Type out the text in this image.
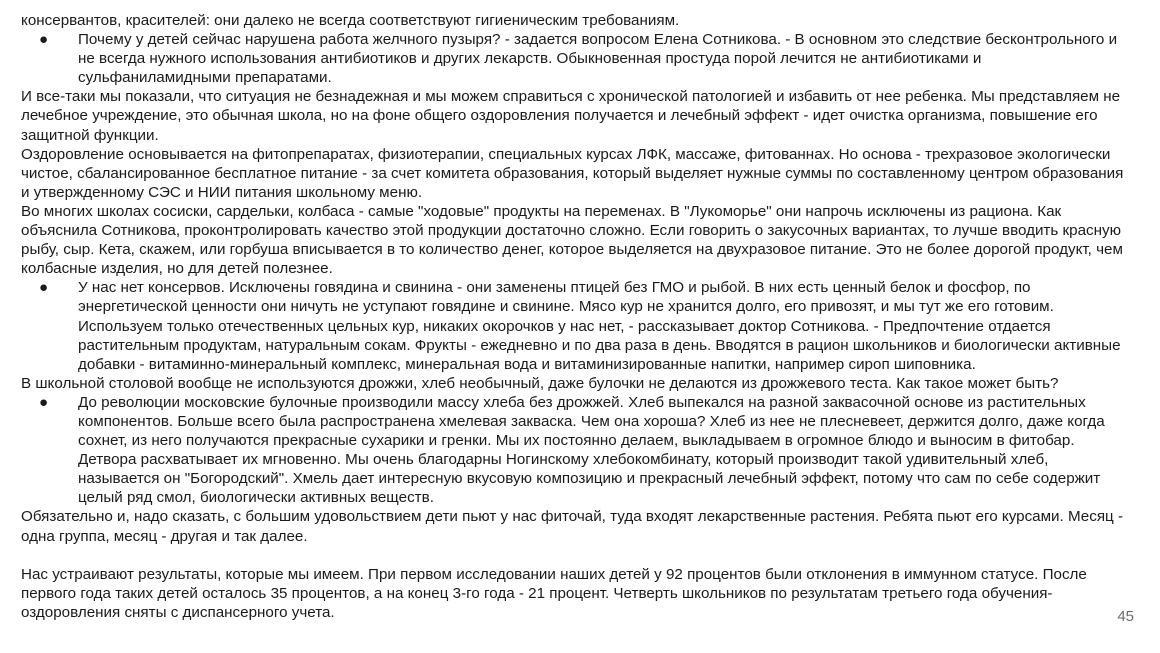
консервантов, красителей: они далеко не всегда соответствуют гигиеническим требованиям.

● Почему у детей сейчас нарушена работа желчного пузыря? - задается вопросом Елена Сотникова. - В основном это следствие бесконтрольного и не всегда нужного использования антибиотиков и других лекарств. Обыкновенная простуда порой лечится не антибиотиками и сульфаниламидными препаратами.

И все-таки мы показали, что ситуация не безнадежная и мы можем справиться с хронической патологией и избавить от нее ребенка. Мы представляем не лечебное учреждение, это обычная школа, но на фоне общего оздоровления получается и лечебный эффект - идет очистка организма, повышение его защитной функции.

Оздоровление основывается на фитопрепаратах, физиотерапии, специальных курсах ЛФК, массаже, фитованнах. Но основа - трехразовое экологически чистое, сбалансированное бесплатное питание - за счет комитета образования, который выделяет нужные суммы по составленному центром образования и утвержденному СЭС и НИИ питания школьному меню.

Во многих школах сосиски, сардельки, колбаса - самые "ходовые" продукты на переменах. В "Лукоморье" они напрочь исключены из рациона. Как объяснила Сотникова, проконтролировать качество этой продукции достаточно сложно. Если говорить о закусочных вариантах, то лучше вводить красную рыбу, сыр. Кета, скажем, или горбуша вписывается в то количество денег, которое выделяется на двухразовое питание. Это не более дорогой продукт, чем колбасные изделия, но для детей полезнее.

● У нас нет консервов. Исключены говядина и свинина - они заменены птицей без ГМО и рыбой. В них есть ценный белок и фосфор, по энергетической ценности они ничуть не уступают говядине и свинине. Мясо кур не хранится долго, его привозят, и мы тут же его готовим. Используем только отечественных цельных кур, никаких окорочков у нас нет, - рассказывает доктор Сотникова. - Предпочтение отдается растительным продуктам, натуральным сокам. Фрукты - ежедневно и по два раза в день. Вводятся в рацион школьников и биологически активные добавки - витаминно-минеральный комплекс, минеральная вода и витаминизированные напитки, например сироп шиповника.

В школьной столовой вообще не используются дрожжи, хлеб необычный, даже булочки не делаются из дрожжевого теста. Как такое может быть?

● До революции московские булочные производили массу хлеба без дрожжей. Хлеб выпекался на разной заквасочной основе из растительных компонентов. Больше всего была распространена хмелевая закваска. Чем она хороша? Хлеб из нее не плесневеет, держится долго, даже когда сохнет, из него получаются прекрасные сухарики и гренки. Мы их постоянно делаем, выкладываем в огромное блюдо и выносим в фитобар. Детвора расхватывает их мгновенно. Мы очень благодарны Ногинскому хлебокомбинату, который производит такой удивительный хлеб, называется он "Богородский". Хмель дает интересную вкусовую композицию и прекрасный лечебный эффект, потому что сам по себе содержит целый ряд смол, биологически активных веществ.

Обязательно и, надо сказать, с большим удовольствием дети пьют у нас фиточай, туда входят лекарственные растения. Ребята пьют его курсами. Месяц - одна группа, месяц - другая и так далее.

Нас устраивают результаты, которые мы имеем. При первом исследовании наших детей у 92 процентов были отклонения в иммунном статусе. После первого года таких детей осталось 35 процентов, а на конец 3-го года - 21 процент. Четверть школьников по результатам третьего года обучения-оздоровления сняты с диспансерного учета.	45
